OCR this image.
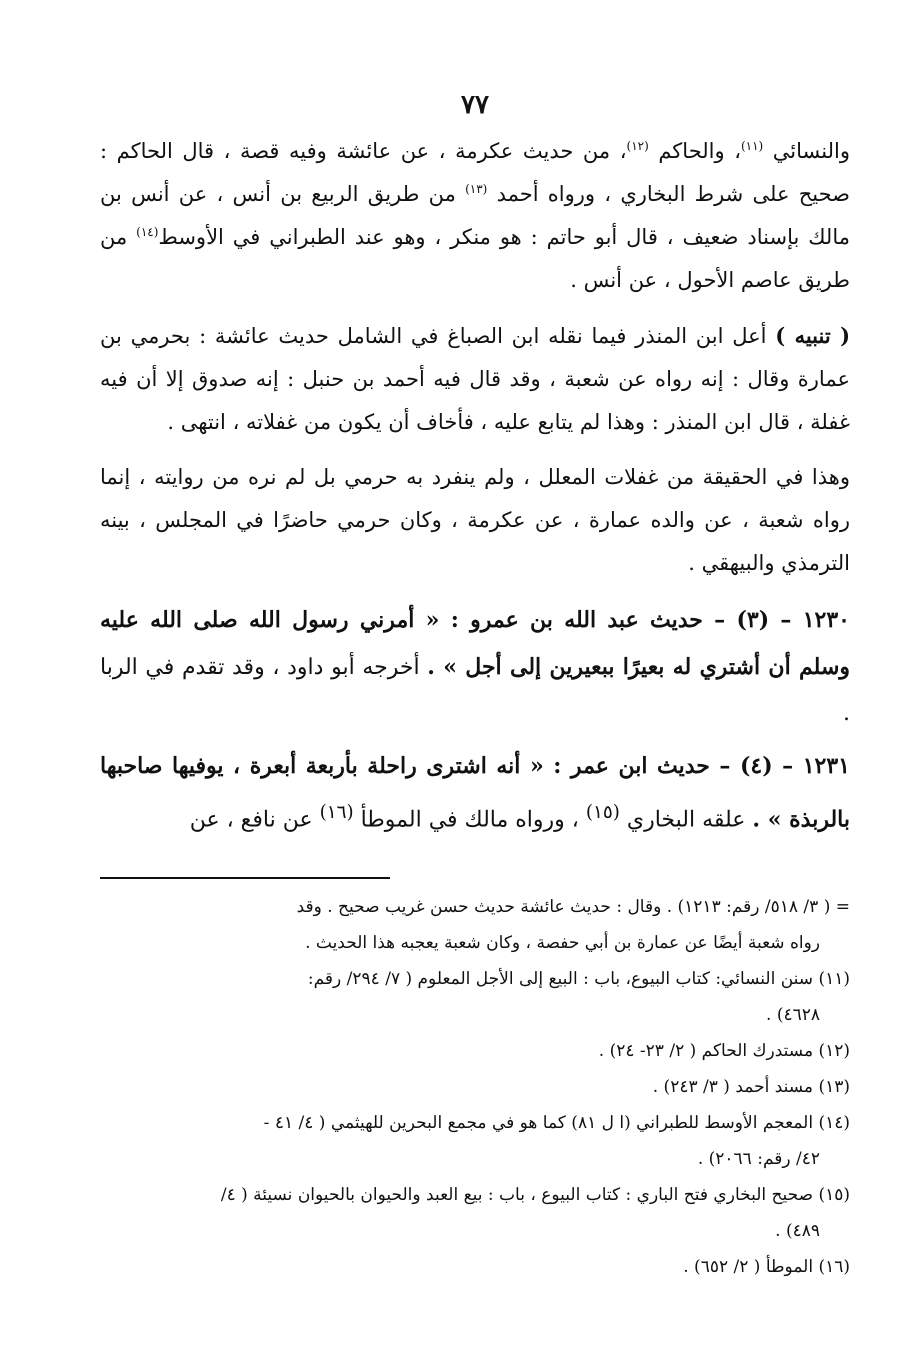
٧٧

والنسائي $^{(١١)}$، والحاكم $^{(١٢)}$، من حديث عكرمة ، عن عائشة وفيه قصة ، قال الحاكم : صحيح على شرط البخاري ، ورواه أحمد $^{(١٣)}$ من طريق الربيع بن أنس ، عن أنس بن مالك بإسناد ضعيف ، قال أبو حاتم : هو منكر ، وهو عند الطبراني في الأوسط$^{(١٤)}$ من طريق عاصم الأحول ، عن أنس .

( تنبيه ) أعل ابن المنذر فيما نقله ابن الصباغ في الشامل حديث عائشة : بحرمي بن عمارة وقال : إنه رواه عن شعبة ، وقد قال فيه أحمد بن حنبل : إنه صدوق إلا أن فيه غفلة ، قال ابن المنذر : وهذا لم يتابع عليه ، فأخاف أن يكون من غفلاته ، انتهى .

وهذا في الحقيقة من غفلات المعلل ، ولم ينفرد به حرمي بل لم نره من روايته ، إنما رواه شعبة ، عن والده عمارة ، عن عكرمة ، وكان حرمي حاضرًا في المجلس ، بينه الترمذي والبيهقي .

١٢٣٠ – (٣) – حديث عبد الله بن عمرو : « أمرني رسول الله صلى الله عليه وسلم أن أشتري له بعيرًا ببعيرين إلى أجل » . أخرجه أبو داود ، وقد تقدم في الربا .

١٢٣١ – (٤) – حديث ابن عمر : « أنه اشترى راحلة بأربعة أبعرة ، يوفيها صاحبها بالربذة » . علقه البخاري $^{(١٥)}$ ، ورواه مالك في الموطأ $^{(١٦)}$ عن نافع ، عن

= ( ٣/ ٥١٨/ رقم: ١٢١٣) . وقال : حديث عائشة حديث حسن غريب صحيح . وقد
رواه شعبة أيضًا عن عمارة بن أبي حفصة ، وكان شعبة يعجبه هذا الحديث .

(١١) سنن النسائي: كتاب البيوع، باب : البيع إلى الأجل المعلوم ( ٧/ ٢٩٤/ رقم:
٤٦٢٨) .

(١٢) مستدرك الحاكم ( ٢/ ٢٣- ٢٤) .

(١٣) مسند أحمد ( ٣/ ٢٤٣) .

(١٤) المعجم الأوسط للطبراني (ا ل ٨١) كما هو في مجمع البحرين للهيثمي ( ٤/ ٤١ -
٤٢/ رقم: ٢٠٦٦) .

(١٥) صحيح البخاري فتح الباري : كتاب البيوع ، باب : بيع العبد والحيوان بالحيوان نسيئة ( ٤/
٤٨٩) .

(١٦) الموطأ ( ٢/ ٦٥٢) .
